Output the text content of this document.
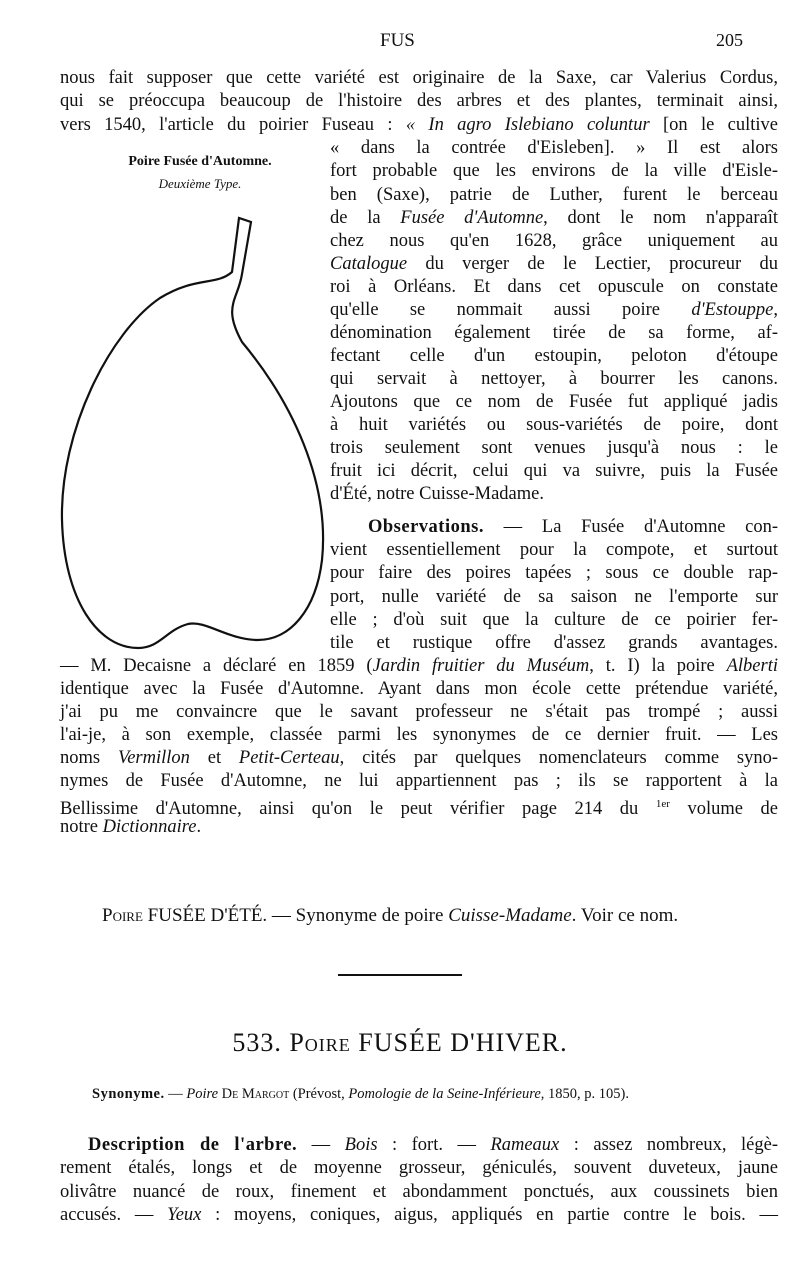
FUS	205
Poire Fusée d'Automne.
Deuxième Type.
nous fait supposer que cette variété est originaire de la Saxe, car Valerius Cordus,
qui se préoccupa beaucoup de l'histoire des arbres et des plantes, terminait ainsi,
vers 1540, l'article du poirier Fuseau : « In agro Islebiano coluntur [on le cultive
« dans la contrée d'Eisleben]. » Il est alors
fort probable que les environs de la ville d'Eisle-
ben (Saxe), patrie de Luther, furent le berceau
de la Fusée d'Automne, dont le nom n'apparaît
chez nous qu'en 1628, grâce uniquement au
Catalogue du verger de le Lectier, procureur du
roi à Orléans. Et dans cet opuscule on constate
qu'elle se nommait aussi poire d'Estouppe,
dénomination également tirée de sa forme, af-
fectant celle d'un estoupin, peloton d'étoupe
qui servait à nettoyer, à bourrer les canons.
Ajoutons que ce nom de Fusée fut appliqué jadis
à huit variétés ou sous-variétés de poire, dont
trois seulement sont venues jusqu'à nous : le
fruit ici décrit, celui qui va suivre, puis la Fusée
d'Été, notre Cuisse-Madame.
Observations. — La Fusée d'Automne con-
vient essentiellement pour la compote, et surtout
pour faire des poires tapées ; sous ce double rap-
port, nulle variété de sa saison ne l'emporte sur
elle ; d'où suit que la culture de ce poirier fer-
tile et rustique offre d'assez grands avantages.
— M. Decaisne a déclaré en 1859 (Jardin fruitier du Muséum, t. I) la poire Alberti
identique avec la Fusée d'Automne. Ayant dans mon école cette prétendue variété,
j'ai pu me convaincre que le savant professeur ne s'était pas trompé ; aussi
l'ai-je, à son exemple, classée parmi les synonymes de ce dernier fruit. — Les
noms Vermillon et Petit-Certeau, cités par quelques nomenclateurs comme syno-
nymes de Fusée d'Automne, ne lui appartiennent pas ; ils se rapportent à la
Bellissime d'Automne, ainsi qu'on le peut vérifier page 214 du $^{1er}$ volume de
notre Dictionnaire.
Poire FUSÉE D'ÉTÉ. — Synonyme de poire Cuisse-Madame. Voir ce nom.
Description de l'arbre. — Bois : fort. — Rameaux : assez nombreux, légè-
rement étalés, longs et de moyenne grosseur, géniculés, souvent duveteux, jaune
olivâtre nuancé de roux, finement et abondamment ponctués, aux coussinets bien
accusés. — Yeux : moyens, coniques, aigus, appliqués en partie contre le bois. —
533. Poire FUSÉE D'HIVER.
Synonyme. — Poire De Margot (Prévost, Pomologie de la Seine-Inférieure, 1850, p. 105).
